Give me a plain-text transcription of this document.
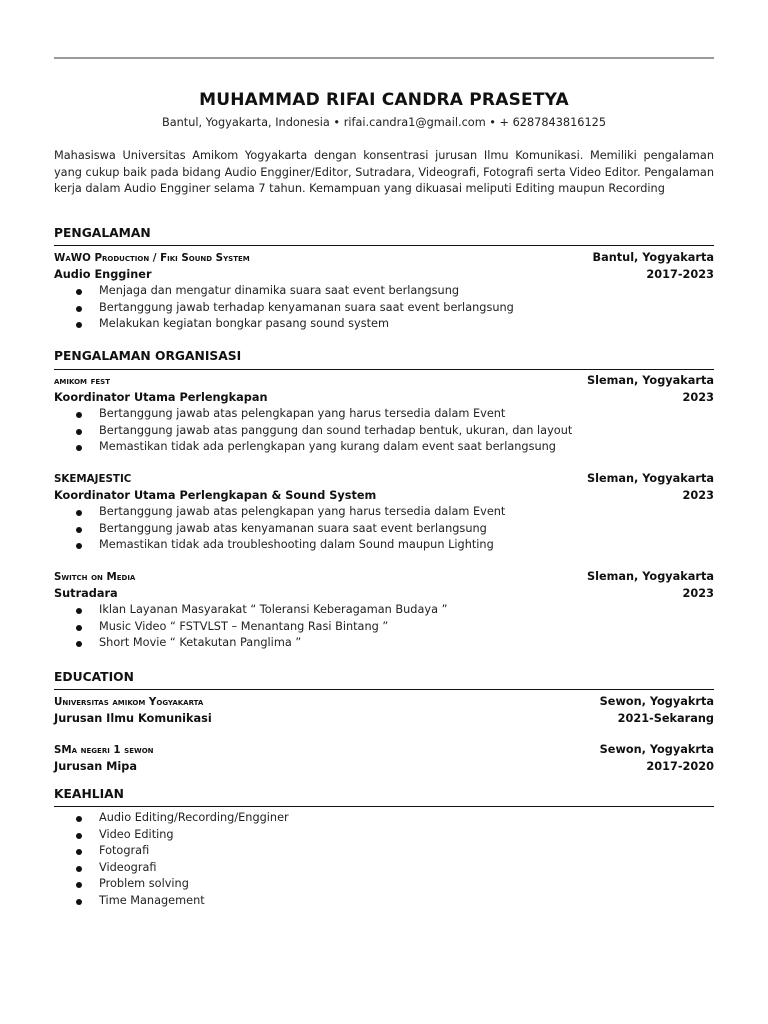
MUHAMMAD RIFAI CANDRA PRASETYA
Bantul, Yogyakarta, Indonesia • rifai.candra1@gmail.com • + 6287843816125
Mahasiswa Universitas Amikom Yogyakarta dengan konsentrasi jurusan Ilmu Komunikasi. Memiliki pengalaman yang cukup baik pada bidang Audio Engginer/Editor, Sutradara, Videografi, Fotografi serta Video Editor. Pengalaman kerja dalam Audio Engginer selama 7 tahun. Kemampuan yang dikuasai meliputi Editing maupun Recording
PENGALAMAN
WaWO Production / Fiki Sound System	Bantul, Yogyakarta
Audio Engginer	2017-2023
Menjaga dan mengatur dinamika suara saat event berlangsung
Bertanggung jawab terhadap kenyamanan suara saat event berlangsung
Melakukan kegiatan bongkar pasang sound system
PENGALAMAN ORGANISASI
amikom fest	Sleman, Yogyakarta
Koordinator Utama Perlengkapan	2023
Bertanggung jawab atas pelengkapan yang harus tersedia dalam Event
Bertanggung jawab atas panggung dan sound terhadap bentuk, ukuran, dan layout
Memastikan tidak ada perlengkapan yang kurang dalam event saat berlangsung
SKEMAJESTIC	Sleman, Yogyakarta
Koordinator Utama Perlengkapan & Sound System	2023
Bertanggung jawab atas pelengkapan yang harus tersedia dalam Event
Bertanggung jawab atas kenyamanan suara saat event berlangsung
Memastikan tidak ada troubleshooting dalam Sound maupun Lighting
Switch on Media	Sleman, Yogyakarta
Sutradara	2023
Iklan Layanan Masyarakat “ Toleransi Keberagaman Budaya ”
Music Video “ FSTVLST – Menantang Rasi Bintang ”
Short Movie “ Ketakutan Panglima ”
EDUCATION
Universitas amikom Yogyakarta	Sewon, Yogyakrta
Jurusan Ilmu Komunikasi	2021-Sekarang
SMa negeri 1 sewon	Sewon, Yogyakrta
Jurusan Mipa	2017-2020
KEAHLIAN
Audio Editing/Recording/Engginer
Video Editing
Fotografi
Videografi
Problem solving
Time Management
